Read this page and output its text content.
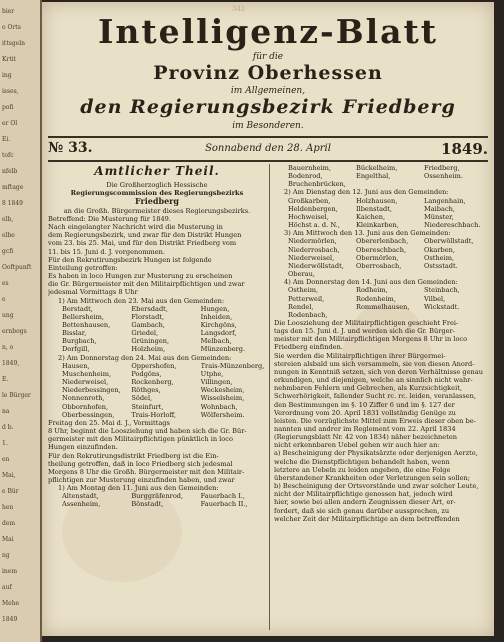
bier
o Orts
ittsgeln
Krtit
ing
isses,
pofi
er Ol
Ei.
tofc
nfelb
mftage
8 1849
elb,
elbe
gcfi
Ooftpunft
es
e
ung
ernbogs
n, o
1849,
E.
le Bürger
na
d b.
1.
en
Mai,
e Bür
hen
dem
Mai
ng
inem
auf
Mehe
1849
341
Intelligenz-Blatt
für die
Provinz Oberhessen
im Allgemeinen,
den Regierungsbezirk Friedberg
im Besonderen.
№ 33.	Sonnabend den 28. April	1849.
Amtlicher Theil.
Die Großherzoglich Hessische
Regierungscommission des Regierungsbezirks
Friedberg
an die Großh. Bürgermeister dieses Regierungsbezirks.
Betreffend: Die Musterung für 1849.
Nach eingelangter Nachricht wird die Musterung in
dem Regierungsbezirk, und zwar für den Distrikt Hungen
vom 23. bis 25. Mai, und für den Distrikt Friedberg vom
11. bis 15. Juni d. J. vorgenommen.
Für den Rekrutirungsbezirk Hungen ist folgende
Einteilung getroffen:
Es haben in loco Hungen zur Musterung zu erscheinen
die Gr. Bürgermeister mit den Militairpflichtigen und zwar
jedesmal Vormittags 8 Uhr
1) Am Mittwoch den 23. Mai aus den Gemeinden:
Berstadt,	Ebersdadt,	Hungen,
Bellersheim,	Florstadt,	Inheiden,
Bettenhausen,	Gambach,	Kirchgöns,
Bisslar,	Griedel,	Langsdorf,
Burgbach,	Grüningen,	Melbach,
Dorfgill,	Holzheim,	Münzenberg.
2) Am Donnerstag den 24. Mai aus den Gemeinden:
Hausen,	Oppershofen,	Trais-Münzenberg,
Muschenheim,	Podgöns,	Utphe,
Niederweisel,	Rockenberg,	Villingen,
Niederbessingen,	Röthges,	Weckesheim,
Nonnenroth,	Södel,	Wisselsheim,
Obbornhofen,	Steinfurt,	Wohnbach,
Oberbessingen,	Trais-Horloff,	Wölfersheim.
Freitag den 25. Mai d. J., Vormittags
8 Uhr, beginnt die Loosziehung und haben sich die Gr. Bür-
germeister mit den Militairpflichtigen pünktlich in loco
Hungen einzufinden.
Für den Rekrutirungsdistrikt Friedberg ist die Ein-
theilung getroffen, daß in loco Friedberg sich jedesmal
Morgens 8 Uhr die Großh. Bürgermeister mit den Militair-
pflichtigen zur Musterung einzufinden haben, und zwar
1) Am Montag den 11. Juni aus den Gemeinden:
Altenstadt,	Burggräfenrod,	Fauerbach I.,
Assenheim,	Bönstadt,	Fauerbach II.,
Bauernheim,	Bückelheim,	Friedberg,
Bodenrod,	Engelthal,	Ossenheim.
Bruchenbrücken,
2) Am Dienstag den 12. Juni aus den Gemeinden:
Großkarben,	Holzhausen,	Langenhain,
Heldenbergen,	Ilbenstadt,	Maibach,
Hochweisel,	Kaichen,	Münster,
Höchst a. d. N.,	Kleinkarben,	Niedereschbach.
3) Am Mittwoch den 13. Juni aus den Gemeinden:
Niedermörlen,	Obererlenbach,	Oberwöllstadt,
Niederrosbach,	Obereschbach,	Okarben,
Niederweisel,	Obermörlen,	Ostheim,
Niederwöllstadt,	Oberrosbach,	Ostsstadt.
Oberau,
4) Am Donnerstag den 14. Juni aus den Gemeinden:
Ostheim,	Rodheim,	Steinbach,
Petterweil,	Rodenheim,	Vilbel,
Rendel,	Rommelhausen,	Wickstadt.
Rodenbach,
Die Loosziehung der Militairpflichtigen geschieht Frei-
tags den 15. Juni d. J. und werden sich die Gr. Bürger-
meister mit den Militairpflichtigen Morgens 8 Uhr in loco
Friedberg einfinden.
Sie werden die Militairpflichtigen ihrer Bürgermei-
stereien alsbald um sich versammeln, sie von diesen Anord-
nungen in Kenntniß setzen, sich von deren Verhältnisse genau
erkundigen, und diejenigen, welche an sinnlich nicht wahr-
nehmbaren Fehlern und Gebrechen, als Kurzsichtigkeit,
Schwerhörigkeit, fallender Sucht rc. rc. leiden, veranlassen,
den Bestimmungen im §. 10 Ziffer 6 und im §. 127 der
Verordnung vom 20. April 1831 vollständig Genüge zu
leisten. Die vorzüglichste Mittel zum Erweis dieser oben be-
nannten und andrer im Reglement vom 22. April 1834
(Regierungsblatt Nr. 42 von 1834) näher bezeichneten
nicht erkennbaren Uebel gehen wir auch hier an:
a) Bescheinigung der Physikatsärzte oder derjenigen Aerzte,
welche die Dienstpflichtigen behandelt haben, wenn
letztere an Uebeln zu leiden angeben, die eine Folge
überstandener Krankheiten oder Verletzungen sein sollen;
b) Bescheinigung der Ortsvorstände und zwar solcher Leute,
nicht der Militairpflichtige genossen hat, jedoch wird
hier, sowie bei allen andern Zeugnissen dieser Art, er-
fordert, daß sie sich genau darüber aussprechen, zu
welcher Zeit der Militairpflichtige an dem betreffenden
